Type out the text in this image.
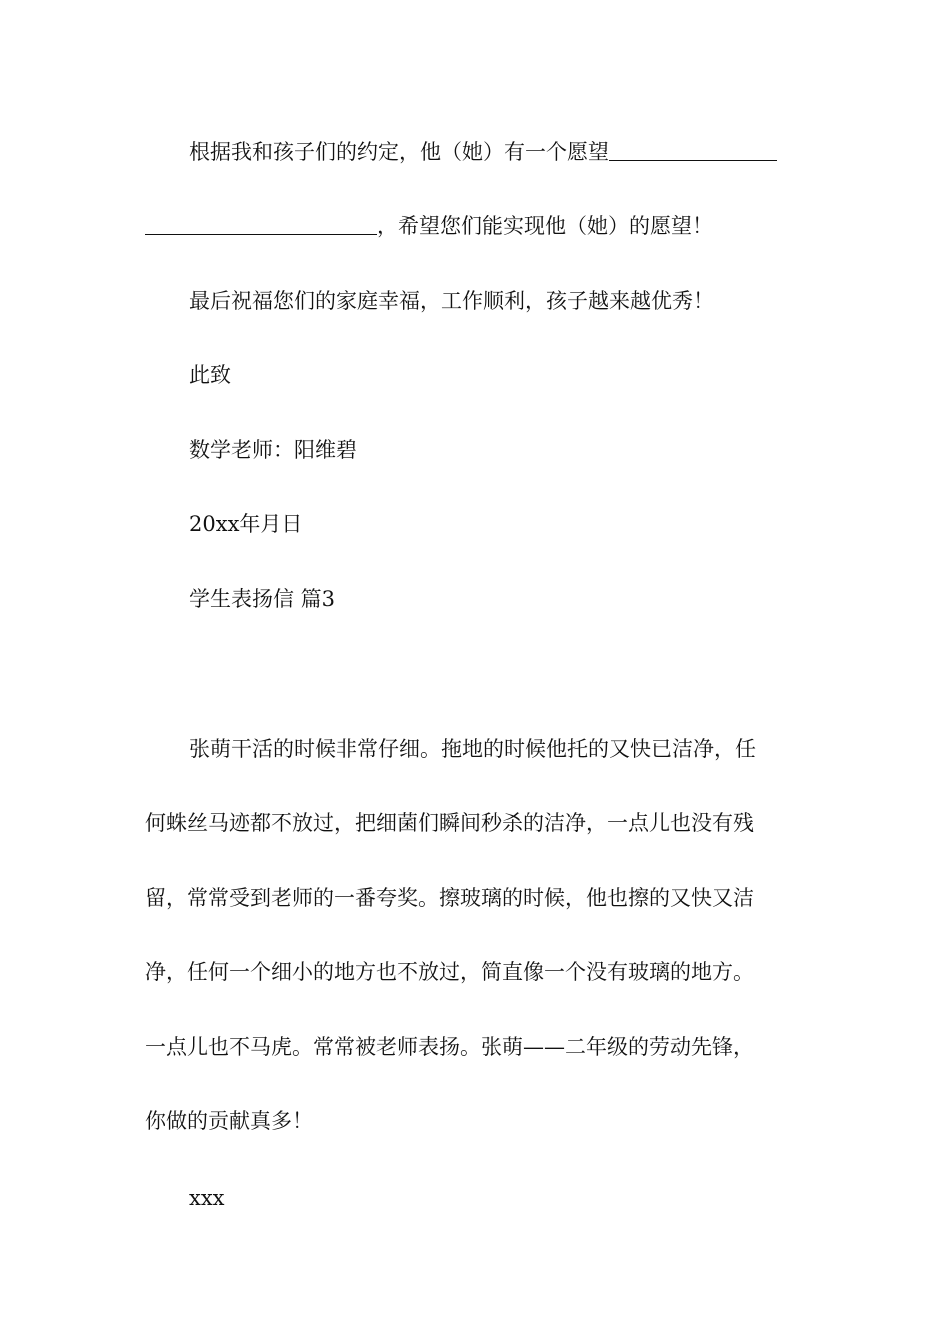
根据我和孩子们的约定，他（她）有一个愿望
，希望您们能实现他（她）的愿望！
最后祝福您们的家庭幸福，工作顺利，孩子越来越优秀！
此致
数学老师：阳维碧
20xx年月日
学生表扬信 篇3
张萌干活的时候非常仔细。拖地的时候他托的又快已洁净，任
何蛛丝马迹都不放过，把细菌们瞬间秒杀的洁净，一点儿也没有残
留，常常受到老师的一番夸奖。擦玻璃的时候，他也擦的又快又洁
净，任何一个细小的地方也不放过，简直像一个没有玻璃的地方。
一点儿也不马虎。常常被老师表扬。张萌——二年级的劳动先锋，
你做的贡献真多！
xxx
